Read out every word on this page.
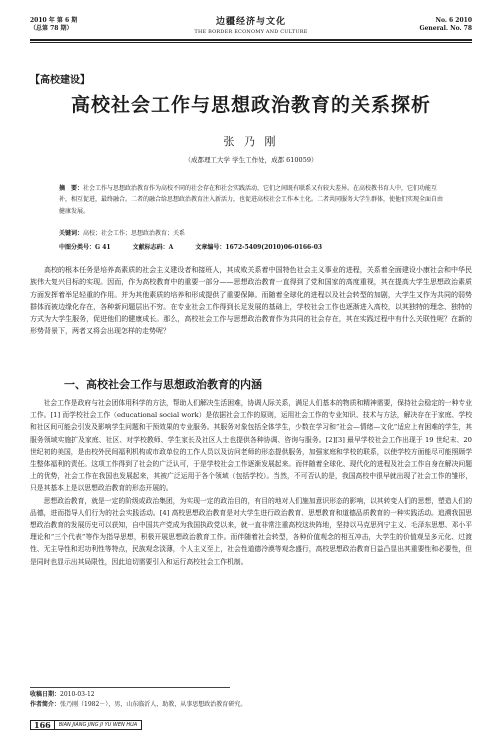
2010 年 第 6 期
（总第 78 期）
边疆经济与文化
THE BORDER ECONOMY AND CULTURE
No. 6 2010
General. No. 78
【高校建设】
高校社会工作与思想政治教育的关系探析
张 乃 刚
（成都理工大学 学生工作处，成都 610059）
摘　要：社会工作与思想政治教育作为高校不同的社会存在和社会实践活动，它们之间既有联系又有较大差异。在高校教书育人中，它们功能互补，相互促进，最终融合。二者的融合给思想政治教育注入新活力，也促进高校社会工作本土化。二者共同服务大学生群体，使他们实现全面自由健康发展。
关键词：高校；社会工作；思想政治教育；关系
中图分类号：G 41	文献标志码：A	文章编号：1672-5409(2010)06-0166-03

高校的根本任务是培养高素质的社会主义建设者和接班人，其成败关系着中国特色社会主义事业的进程，关系着全面建设小康社会和中华民族伟大复兴目标的实现。因而，作为高校教育中的重要一部分——思想政治教育一直得到了党和国家的高度重视，其在提高大学生思想政治素质方面发挥着举足轻重的作用。并为其他素质的培养和形成提供了重要保障。而随着全球化的进程以及社会转型的加剧，大学生又作为共同的弱势群体而被边缘化存在，各种新问题层出不穷。在专业社会工作得到长足发展的基础上，学校社会工作也逐渐进入高校，以其独特的理念、独特的方式为大学生服务，促进他们的健康成长。那么，高校社会工作与思想政治教育作为共同的社会存在，其在实践过程中有什么关联性呢？在新的形势背景下，两者又将会出现怎样的走势呢？

一、高校社会工作与思想政治教育的内涵

社会工作是政府与社会团体用科学的方法，帮助人们解决生活困难，协调人际关系，满足人们基本的物质和精神需要，保持社会稳定的一种专业工作。[1] 而学校社会工作（educational social work）是依据社会工作的原则，运用社会工作的专业知识、技术与方法，解决存在于家庭、学校和社区间可能会引发及影响学生问题和干预效果的专业服务。其服务对象包括全体学生，少数在学习和“社会—情绪—文化”适应上有困难的学生，其服务领域实施扩及家庭、社区、对学校教师、学生家长及社区人士也提供各种协调、咨询与服务。[2][3] 最早学校社会工作出现于 19 世纪末、20 世纪初的美国，是由校外民间福利机构或市政单位的工作人员以及访问老师的形态提供服务，加强家庭和学校的联系，以使学校方面能尽可能照顾学生整体福利的责任。这项工作得到了社会的广泛认可，于是学校社会工作逐渐发展起来。而伴随着全球化、现代化的进程及社会工作自身在解决问题上的优势，社会工作在我国也发展起来，其被广泛运用于各个领域（包括学校）。当然，不可否认的是，我国高校中很早就出现了社会工作的雏形，只是其基本上是以思想政治教育的形态开展的。

思想政治教育，就是一定的阶级或政治集团，为实现一定的政治目的，有目的地对人们施加意识形态的影响，以其转变人们的思想，塑造人们的品德，进而指导人们行为的社会实践活动。[4] 高校思想政治教育是对大学生进行政治教育、思想教育和道德品质教育的一种实践活动。追溯我国思想政治教育的发展历史可以获知，自中国共产党成为我国执政党以来，就一直非常注重高校这块阵地，坚持以马克思列宁主义、毛泽东思想、邓小平理论和“三个代表”等作为指导思想，积极开展思想政治教育工作。而伴随着社会转型，各种价值观念的相互冲击，大学生的价值观呈多元化、过渡性、无主导性和迟功利性等特点，民族观念淡薄，个人主义至上，社会性道德冷漠等观念盛行，高校思想政治教育日益凸显出其重要性和必要性，但是同时也显示出其局限性，因此迫切需要引入和运行高校社会工作机制。

收稿日期：2010-03-12
作者简介：张乃刚（1982－），男，山东临沂人，助教，从事思想政治教育研究。
166	BIAN JIANG JING JI YU WEN HUA
